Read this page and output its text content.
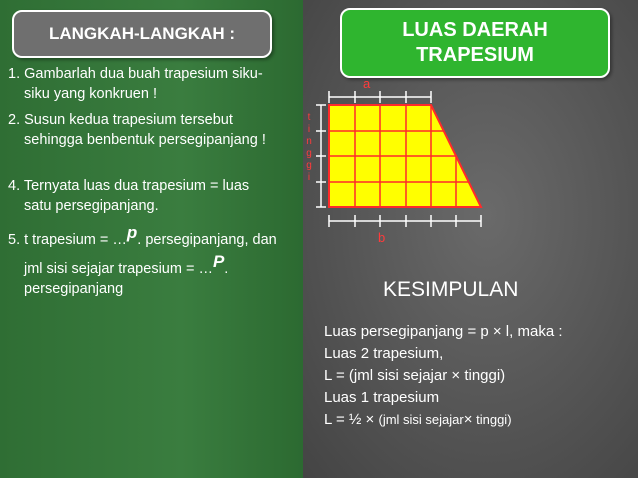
LANGKAH-LANGKAH :	LUAS DAERAH
TRAPESIUM
1. Gambarlah dua buah trapesium siku-
siku yang konkruen !
2. Susun kedua trapesium tersebut
sehingga benbentuk persegipanjang !
4. Ternyata luas dua trapesium = luas
satu persegipanjang.
5. t trapesium = …p. persegipanjang, dan
jml sisi sejajar trapesium = …P.
persegipanjang
a
b
t
i
n
g
g
i
KESIMPULAN
Luas persegipanjang = p × l, maka :
Luas 2 trapesium,
L = (jml sisi sejajar × tinggi)
Luas 1 trapesium
L = ½ × (jml sisi sejajar× tinggi)
